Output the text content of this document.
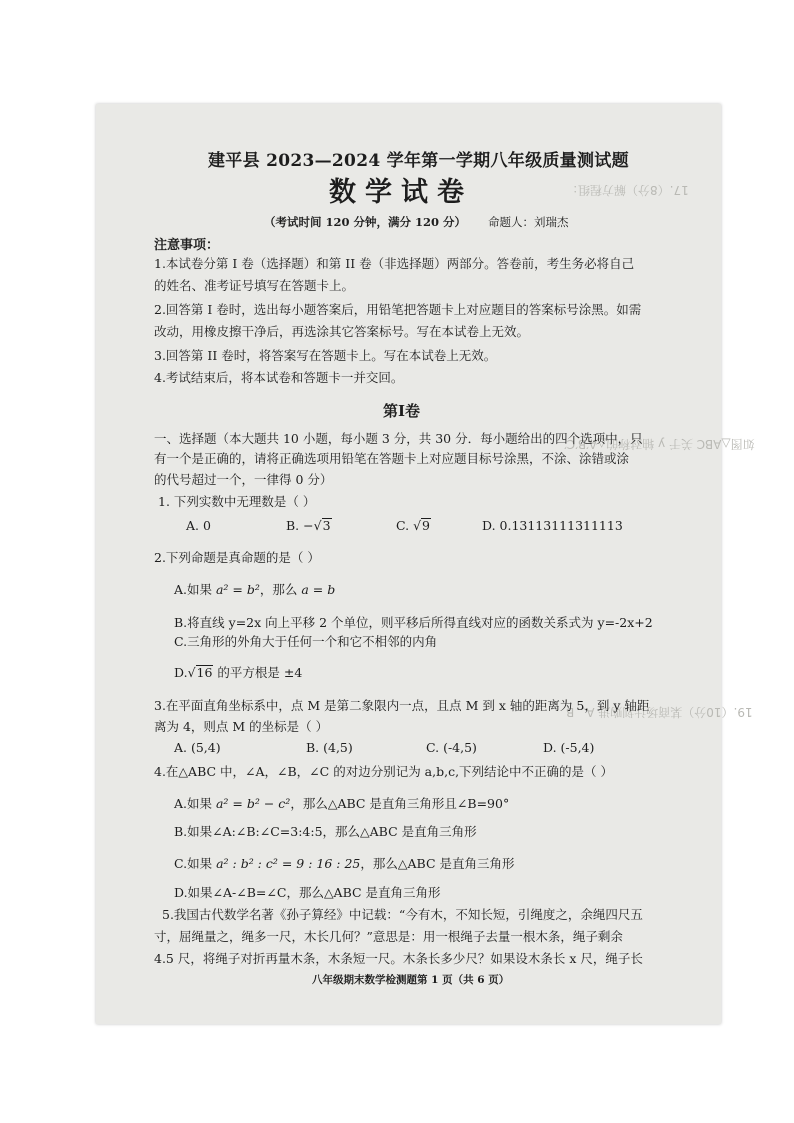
17.（8分）解方程组：
如图△ABC 关于 y 轴对称的△A′B′C′
19.（10分）某商场计划购进 A、B
建平县 2023—2024 学年第一学期八年级质量测试题
数学试卷
（考试时间 120 分钟，满分 120 分） 命题人：刘瑞杰
注意事项：
1.本试卷分第 I 卷（选择题）和第 II 卷（非选择题）两部分。答卷前，考生务必将自己
的姓名、准考证号填写在答题卡上。
2.回答第 I 卷时，选出每小题答案后，用铅笔把答题卡上对应题目的答案标号涂黑。如需
改动，用橡皮擦干净后，再选涂其它答案标号。写在本试卷上无效。
3.回答第 II 卷时，将答案写在答题卡上。写在本试卷上无效。
4.考试结束后，将本试卷和答题卡一并交回。
第I卷
一、选择题（本大题共 10 小题，每小题 3 分，共 30 分．每小题给出的四个选项中，只
有一个是正确的，请将正确选项用铅笔在答题卡上对应题目标号涂黑，不涂、涂错或涂
的代号超过一个，一律得 0 分）
1. 下列实数中无理数是（ ）
A. 0	B. −√3	C. √9	D. 0.13113111311113
2.下列命题是真命题的是（ ）
A.如果 a² = b²，那么 a = b
B.将直线 y=2x 向上平移 2 个单位，则平移后所得直线对应的函数关系式为 y=-2x+2
C.三角形的外角大于任何一个和它不相邻的内角
D.√16 的平方根是 ±4
3.在平面直角坐标系中，点 M 是第二象限内一点，且点 M 到 x 轴的距离为 5，到 y 轴距
离为 4，则点 M 的坐标是（ ）
A. (5,4)	B. (4,5)	C. (-4,5)	D. (-5,4)
4.在△ABC 中，∠A，∠B，∠C 的对边分别记为 a,b,c,下列结论中不正确的是（ ）
A.如果 a² = b² − c²，那么△ABC 是直角三角形且∠B=90°
B.如果∠A:∠B:∠C=3:4:5，那么△ABC 是直角三角形
C.如果 a² : b² : c² = 9 : 16 : 25，那么△ABC 是直角三角形
D.如果∠A-∠B=∠C，那么△ABC 是直角三角形
5.我国古代数学名著《孙子算经》中记载：“今有木，不知长短，引绳度之，余绳四尺五
寸，屈绳量之，绳多一尺，木长几何？”意思是：用一根绳子去量一根木条，绳子剩余
4.5 尺，将绳子对折再量木条，木条短一尺。木条长多少尺？如果设木条长 x 尺，绳子长
八年级期末数学检测题第 1 页（共 6 页）
